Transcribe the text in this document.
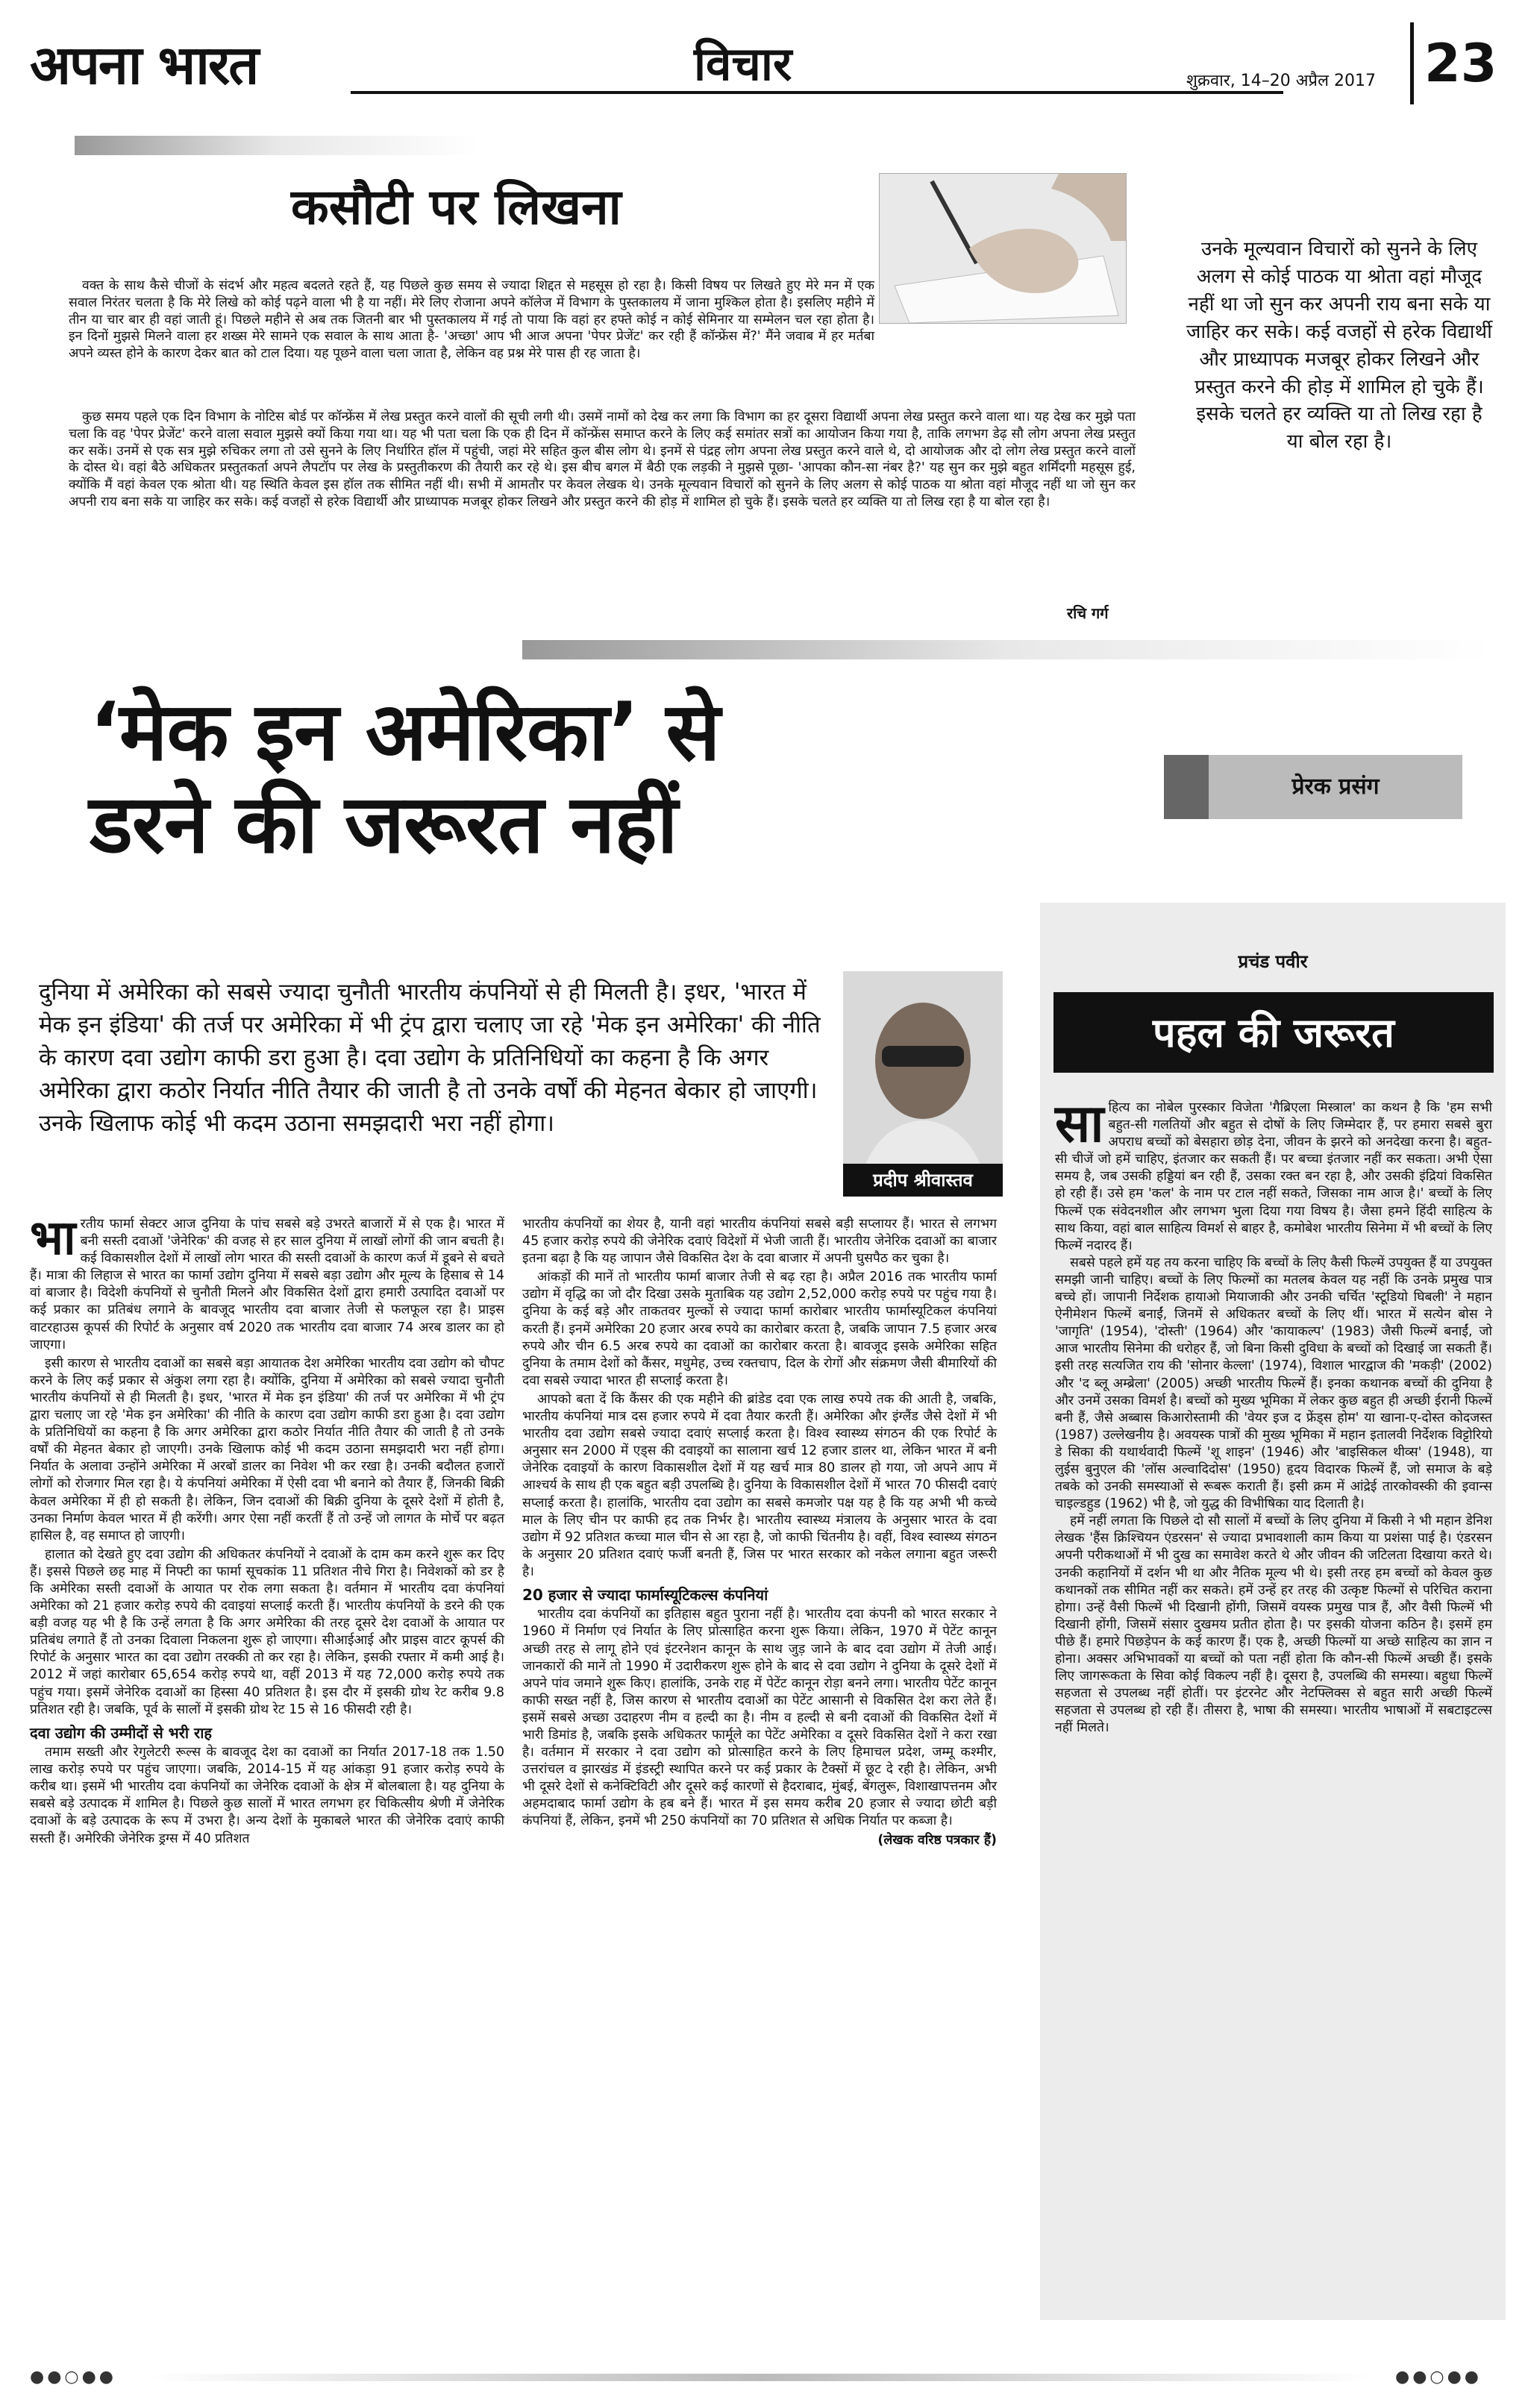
अपना भारत	विचार	शुक्रवार, 14–20 अप्रैल 2017 23
कसौटी पर लिखना

वक्त के साथ कैसे चीजों के संदर्भ और महत्व बदलते रहते हैं, यह पिछले कुछ समय से ज्यादा शिद्दत से महसूस हो रहा है। किसी विषय पर लिखते हुए मेरे मन में एक सवाल निरंतर चलता है कि मेरे लिखे को कोई पढ़ने वाला भी है या नहीं। मेरे लिए रोजाना अपने कॉलेज में विभाग के पुस्तकालय में जाना मुश्किल होता है। इसलिए महीने में तीन या चार बार ही वहां जाती हूं। पिछले महीने से अब तक जितनी बार भी पुस्तकालय में गई तो पाया कि वहां हर हफ्ते कोई न कोई सेमिनार या सम्मेलन चल रहा होता है। इन दिनों मुझसे मिलने वाला हर शख्स मेरे सामने एक सवाल के साथ आता है- 'अच्छा' आप भी आज अपना 'पेपर प्रेजेंट' कर रही हैं कॉन्फ्रेंस में?' मैंने जवाब में हर मर्तबा अपने व्यस्त होने के कारण देकर बात को टाल दिया। यह पूछने वाला चला जाता है, लेकिन वह प्रश्न मेरे पास ही रह जाता है।

कुछ समय पहले एक दिन विभाग के नोटिस बोर्ड पर कॉन्फ्रेंस में लेख प्रस्तुत करने वालों की सूची लगी थी। उसमें नामों को देख कर लगा कि विभाग का हर दूसरा विद्यार्थी अपना लेख प्रस्तुत करने वाला था। यह देख कर मुझे पता चला कि वह 'पेपर प्रेजेंट' करने वाला सवाल मुझसे क्यों किया गया था। यह भी पता चला कि एक ही दिन में कॉन्फ्रेंस समाप्त करने के लिए कई समांतर सत्रों का आयोजन किया गया है, ताकि लगभग डेढ़ सौ लोग अपना लेख प्रस्तुत कर सकें। उनमें से एक सत्र मुझे रुचिकर लगा तो उसे सुनने के लिए निर्धारित हॉल में पहुंची, जहां मेरे सहित कुल बीस लोग थे। इनमें से पंद्रह लोग अपना लेख प्रस्तुत करने वाले थे, दो आयोजक और दो लोग लेख प्रस्तुत करने वालों के दोस्त थे। वहां बैठे अधिकतर प्रस्तुतकर्ता अपने लैपटॉप पर लेख के प्रस्तुतीकरण की तैयारी कर रहे थे। इस बीच बगल में बैठी एक लड़की ने मुझसे पूछा- 'आपका कौन-सा नंबर है?' यह सुन कर मुझे बहुत शर्मिंदगी महसूस हुई, क्योंकि मैं वहां केवल एक श्रोता थी। यह स्थिति केवल इस हॉल तक सीमित नहीं थी। सभी में आमतौर पर केवल लेखक थे। उनके मूल्यवान विचारों को सुनने के लिए अलग से कोई पाठक या श्रोता वहां मौजूद नहीं था जो सुन कर अपनी राय बना सके या जाहिर कर सके। कई वजहों से हरेक विद्यार्थी और प्राध्यापक मजबूर होकर लिखने और प्रस्तुत करने की होड़ में शामिल हो चुके हैं। इसके चलते हर व्यक्ति या तो लिख रहा है या बोल रहा है।

रचि गर्ग
उनके मूल्यवान विचारों को सुनने के लिए अलग से कोई पाठक या श्रोता वहां मौजूद नहीं था जो सुन कर अपनी राय बना सके या जाहिर कर सके। कई वजहों से हरेक विद्यार्थी और प्राध्यापक मजबूर होकर लिखने और प्रस्तुत करने की होड़ में शामिल हो चुके हैं। इसके चलते हर व्यक्ति या तो लिख रहा है या बोल रहा है।
‘मेक इन अमेरिका’ से
डरने की जरूरत नहीं	प्रेरक प्रसंग
दुनिया में अमेरिका को सबसे ज्यादा चुनौती भारतीय कंपनियों से ही मिलती है। इधर, 'भारत में मेक इन इंडिया' की तर्ज पर अमेरिका में भी ट्रंप द्वारा चलाए जा रहे 'मेक इन अमेरिका' की नीति के कारण दवा उद्योग काफी डरा हुआ है। दवा उद्योग के प्रतिनिधियों का कहना है कि अगर अमेरिका द्वारा कठोर निर्यात नीति तैयार की जाती है तो उनके वर्षों की मेहनत बेकार हो जाएगी। उनके खिलाफ कोई भी कदम उठाना समझदारी भरा नहीं होगा।
प्रदीप श्रीवास्तव

भारतीय फार्मा सेक्टर आज दुनिया के पांच सबसे बड़े उभरते बाजारों में से एक है। भारत में बनी सस्ती दवाओं 'जेनेरिक' की वजह से हर साल दुनिया में लाखों लोगों की जान बचती है। कई विकासशील देशों में लाखों लोग भारत की सस्ती दवाओं के कारण कर्ज में डूबने से बचते हैं। मात्रा की लिहाज से भारत का फार्मा उद्योग दुनिया में सबसे बड़ा उद्योग और मूल्य के हिसाब से 14 वां बाजार है। विदेशी कंपनियों से चुनौती मिलने और विकसित देशों द्वारा हमारी उत्पादित दवाओं पर कई प्रकार का प्रतिबंध लगाने के बावजूद भारतीय दवा बाजार तेजी से फलफूल रहा है। प्राइस वाटरहाउस कूपर्स की रिपोर्ट के अनुसार वर्ष 2020 तक भारतीय दवा बाजार 74 अरब डालर का हो जाएगा।

इसी कारण से भारतीय दवाओं का सबसे बड़ा आयातक देश अमेरिका भारतीय दवा उद्योग को चौपट करने के लिए कई प्रकार से अंकुश लगा रहा है। क्योंकि, दुनिया में अमेरिका को सबसे ज्यादा चुनौती भारतीय कंपनियों से ही मिलती है। इधर, 'भारत में मेक इन इंडिया' की तर्ज पर अमेरिका में भी ट्रंप द्वारा चलाए जा रहे 'मेक इन अमेरिका' की नीति के कारण दवा उद्योग काफी डरा हुआ है। दवा उद्योग के प्रतिनिधियों का कहना है कि अगर अमेरिका द्वारा कठोर निर्यात नीति तैयार की जाती है तो उनके वर्षों की मेहनत बेकार हो जाएगी। उनके खिलाफ कोई भी कदम उठाना समझदारी भरा नहीं होगा। निर्यात के अलावा उन्होंने अमेरिका में अरबों डालर का निवेश भी कर रखा है। उनकी बदौलत हजारों लोगों को रोजगार मिल रहा है। ये कंपनियां अमेरिका में ऐसी दवा भी बनाने को तैयार हैं, जिनकी बिक्री केवल अमेरिका में ही हो सकती है। लेकिन, जिन दवाओं की बिक्री दुनिया के दूसरे देशों में होती है, उनका निर्माण केवल भारत में ही करेंगी। अगर ऐसा नहीं करतीं हैं तो उन्हें जो लागत के मोर्चे पर बढ़त हासिल है, वह समाप्त हो जाएगी।

हालात को देखते हुए दवा उद्योग की अधिकतर कंपनियों ने दवाओं के दाम कम करने शुरू कर दिए हैं। इससे पिछले छह माह में निफ्टी का फार्मा सूचकांक 11 प्रतिशत नीचे गिरा है। निवेशकों को डर है कि अमेरिका सस्ती दवाओं के आयात पर रोक लगा सकता है। वर्तमान में भारतीय दवा कंपनियां अमेरिका को 21 हजार करोड़ रुपये की दवाइयां सप्लाई करती हैं। भारतीय कंपनियों के डरने की एक बड़ी वजह यह भी है कि उन्हें लगता है कि अगर अमेरिका की तरह दूसरे देश दवाओं के आयात पर प्रतिबंध लगाते हैं तो उनका दिवाला निकलना शुरू हो जाएगा। सीआईआई और प्राइस वाटर कूपर्स की रिपोर्ट के अनुसार भारत का दवा उद्योग तरक्की तो कर रहा है। लेकिन, इसकी रफ्तार में कमी आई है। 2012 में जहां कारोबार 65,654 करोड़ रुपये था, वहीं 2013 में यह 72,000 करोड़ रुपये तक पहुंच गया। इसमें जेनेरिक दवाओं का हिस्सा 40 प्रतिशत है। इस दौर में इसकी ग्रोथ रेट करीब 9.8 प्रतिशत रही है। जबकि, पूर्व के सालों में इसकी ग्रोथ रेट 15 से 16 फीसदी रही है।

दवा उद्योग की उम्मीदों से भरी राह

तमाम सख्ती और रेगुलेटरी रूल्स के बावजूद देश का दवाओं का निर्यात 2017-18 तक 1.50 लाख करोड़ रुपये पर पहुंच जाएगा। जबकि, 2014-15 में यह आंकड़ा 91 हजार करोड़ रुपये के करीब था। इसमें भी भारतीय दवा कंपनियों का जेनेरिक दवाओं के क्षेत्र में बोलबाला है। यह दुनिया के सबसे बड़े उत्पादक में शामिल है। पिछले कुछ सालों में भारत लगभग हर चिकित्सीय श्रेणी में जेनेरिक दवाओं के बड़े उत्पादक के रूप में उभरा है। अन्य देशों के मुकाबले भारत की जेनेरिक दवाएं काफी सस्ती हैं। अमेरिकी जेनेरिक ड्रग्स में 40 प्रतिशत

भारतीय कंपनियों का शेयर है, यानी वहां भारतीय कंपनियां सबसे बड़ी सप्लायर हैं। भारत से लगभग 45 हजार करोड़ रुपये की जेनेरिक दवाएं विदेशों में भेजी जाती हैं। भारतीय जेनेरिक दवाओं का बाजार इतना बढ़ा है कि यह जापान जैसे विकसित देश के दवा बाजार में अपनी घुसपैठ कर चुका है।

आंकड़ों की मानें तो भारतीय फार्मा बाजार तेजी से बढ़ रहा है। अप्रैल 2016 तक भारतीय फार्मा उद्योग में वृद्धि का जो दौर दिखा उसके मुताबिक यह उद्योग 2,52,000 करोड़ रुपये पर पहुंच गया है। दुनिया के कई बड़े और ताकतवर मुल्कों से ज्यादा फार्मा कारोबार भारतीय फार्मास्यूटिकल कंपनियां करती हैं। इनमें अमेरिका 20 हजार अरब रुपये का कारोबार करता है, जबकि जापान 7.5 हजार अरब रुपये और चीन 6.5 अरब रुपये का दवाओं का कारोबार करता है। बावजूद इसके अमेरिका सहित दुनिया के तमाम देशों को कैंसर, मधुमेह, उच्च रक्तचाप, दिल के रोगों और संक्रमण जैसी बीमारियों की दवा सबसे ज्यादा भारत ही सप्लाई करता है।

आपको बता दें कि कैंसर की एक महीने की ब्रांडेड दवा एक लाख रुपये तक की आती है, जबकि, भारतीय कंपनियां मात्र दस हजार रुपये में दवा तैयार करती हैं। अमेरिका और इंग्लैंड जैसे देशों में भी भारतीय दवा उद्योग सबसे ज्यादा दवाएं सप्लाई करता है। विश्व स्वास्थ्य संगठन की एक रिपोर्ट के अनुसार सन 2000 में एड्स की दवाइयों का सालाना खर्च 12 हजार डालर था, लेकिन भारत में बनी जेनेरिक दवाइयों के कारण विकासशील देशों में यह खर्च मात्र 80 डालर हो गया, जो अपने आप में आश्चर्य के साथ ही एक बहुत बड़ी उपलब्धि है। दुनिया के विकासशील देशों में भारत 70 फीसदी दवाएं सप्लाई करता है। हालांकि, भारतीय दवा उद्योग का सबसे कमजोर पक्ष यह है कि यह अभी भी कच्चे माल के लिए चीन पर काफी हद तक निर्भर है। भारतीय स्वास्थ्य मंत्रालय के अनुसार भारत के दवा उद्योग में 92 प्रतिशत कच्चा माल चीन से आ रहा है, जो काफी चिंतनीय है। वहीं, विश्व स्वास्थ्य संगठन के अनुसार 20 प्रतिशत दवाएं फर्जी बनती हैं, जिस पर भारत सरकार को नकेल लगाना बहुत जरूरी है।

20 हजार से ज्यादा फार्मास्यूटिकल्स कंपनियां

भारतीय दवा कंपनियों का इतिहास बहुत पुराना नहीं है। भारतीय दवा कंपनी को भारत सरकार ने 1960 में निर्माण एवं निर्यात के लिए प्रोत्साहित करना शुरू किया। लेकिन, 1970 में पेटेंट कानून अच्छी तरह से लागू होने एवं इंटरनेशन कानून के साथ जुड़ जाने के बाद दवा उद्योग में तेजी आई। जानकारों की मानें तो 1990 में उदारीकरण शुरू होने के बाद से दवा उद्योग ने दुनिया के दूसरे देशों में अपने पांव जमाने शुरू किए। हालांकि, उनके राह में पेटेंट कानून रोड़ा बनने लगा। भारतीय पेटेंट कानून काफी सख्त नहीं है, जिस कारण से भारतीय दवाओं का पेटेंट आसानी से विकसित देश करा लेते हैं। इसमें सबसे अच्छा उदाहरण नीम व हल्दी का है। नीम व हल्दी से बनी दवाओं की विकसित देशों में भारी डिमांड है, जबकि इसके अधिकतर फार्मूले का पेटेंट अमेरिका व दूसरे विकसित देशों ने करा रखा है। वर्तमान में सरकार ने दवा उद्योग को प्रोत्साहित करने के लिए हिमाचल प्रदेश, जम्मू कश्मीर, उत्तरांचल व झारखंड में इंडस्ट्री स्थापित करने पर कई प्रकार के टैक्सों में छूट दे रही है। लेकिन, अभी भी दूसरे देशों से कनेक्टिविटी और दूसरे कई कारणों से हैदराबाद, मुंबई, बेंगलुरू, विशाखापत्तनम और अहमदाबाद फार्मा उद्योग के हब बने हैं। भारत में इस समय करीब 20 हजार से ज्यादा छोटी बड़ी कंपनियां हैं, लेकिन, इनमें भी 250 कंपनियों का 70 प्रतिशत से अधिक निर्यात पर कब्जा है।

(लेखक वरिष्ठ पत्रकार हैं)

प्रचंड पवीर
पहल की जरूरत

साहित्य का नोबेल पुरस्कार विजेता 'गैब्रिएला मिस्त्राल' का कथन है कि 'हम सभी बहुत-सी गलतियों और बहुत से दोषों के लिए जिम्मेदार हैं, पर हमारा सबसे बुरा अपराध बच्चों को बेसहारा छोड़ देना, जीवन के झरने को अनदेखा करना है। बहुत-सी चीजें जो हमें चाहिए, इंतजार कर सकती हैं। पर बच्चा इंतजार नहीं कर सकता। अभी ऐसा समय है, जब उसकी हड्डियां बन रही हैं, उसका रक्त बन रहा है, और उसकी इंद्रियां विकसित हो रही हैं। उसे हम 'कल' के नाम पर टाल नहीं सकते, जिसका नाम आज है।' बच्चों के लिए फिल्में एक संवेदनशील और लगभग भुला दिया गया विषय है। जैसा हमने हिंदी साहित्य के साथ किया, वहां बाल साहित्य विमर्श से बाहर है, कमोबेश भारतीय सिनेमा में भी बच्चों के लिए फिल्में नदारद हैं।

सबसे पहले हमें यह तय करना चाहिए कि बच्चों के लिए कैसी फिल्में उपयुक्त हैं या उपयुक्त समझी जानी चाहिए। बच्चों के लिए फिल्मों का मतलब केवल यह नहीं कि उनके प्रमुख पात्र बच्चे हों। जापानी निर्देशक हायाओ मियाजाकी और उनकी चर्चित 'स्टूडियो घिबली' ने महान ऐनीमेशन फिल्में बनाईं, जिनमें से अधिकतर बच्चों के लिए थीं। भारत में सत्येन बोस ने 'जागृति' (1954), 'दोस्ती' (1964) और 'कायाकल्प' (1983) जैसी फिल्में बनाईं, जो आज भारतीय सिनेमा की धरोहर हैं, जो बिना किसी दुविधा के बच्चों को दिखाई जा सकती हैं। इसी तरह सत्यजित राय की 'सोनार केल्ला' (1974), विशाल भारद्वाज की 'मकड़ी' (2002) और 'द ब्लू अम्ब्रेला' (2005) अच्छी भारतीय फिल्में हैं। इनका कथानक बच्चों की दुनिया है और उनमें उसका विमर्श है। बच्चों को मुख्य भूमिका में लेकर कुछ बहुत ही अच्छी ईरानी फिल्में बनी हैं, जैसे अब्बास किआरोस्तामी की 'वेयर इज द फ्रेंड्स होम' या खाना-ए-दोस्त कोदजस्त (1987) उल्लेखनीय है। अवयस्क पात्रों की मुख्य भूमिका में महान इतालवी निर्देशक विट्टोरियो डे सिका की यथार्थवादी फिल्में 'शू शाइन' (1946) और 'बाइसिकल थीव्स' (1948), या लुईस बुनुएल की 'लॉस अल्वादिदोस' (1950) हृदय विदारक फिल्में हैं, जो समाज के बड़े तबके को उनकी समस्याओं से रूबरू कराती हैं। इसी क्रम में आंद्रेई तारकोवस्की की इवान्स चाइल्डहुड (1962) भी है, जो युद्ध की विभीषिका याद दिलाती है।

हमें नहीं लगता कि पिछले दो सौ सालों में बच्चों के लिए दुनिया में किसी ने भी महान डेनिश लेखक 'हैंस क्रिश्चियन एंडरसन' से ज्यादा प्रभावशाली काम किया या प्रशंसा पाई है। एंडरसन अपनी परीकथाओं में भी दुख का समावेश करते थे और जीवन की जटिलता दिखाया करते थे। उनकी कहानियों में दर्शन भी था और नैतिक मूल्य भी थे। इसी तरह हम बच्चों को केवल कुछ कथानकों तक सीमित नहीं कर सकते। हमें उन्हें हर तरह की उत्कृष्ट फिल्मों से परिचित कराना होगा। उन्हें वैसी फिल्में भी दिखानी होंगी, जिसमें वयस्क प्रमुख पात्र हैं, और वैसी फिल्में भी दिखानी होंगी, जिसमें संसार दुखमय प्रतीत होता है। पर इसकी योजना कठिन है। इसमें हम पीछे हैं। हमारे पिछड़ेपन के कई कारण हैं। एक है, अच्छी फिल्मों या अच्छे साहित्य का ज्ञान न होना। अक्सर अभिभावकों या बच्चों को पता नहीं होता कि कौन-सी फिल्में अच्छी हैं। इसके लिए जागरूकता के सिवा कोई विकल्प नहीं है। दूसरा है, उपलब्धि की समस्या। बहुधा फिल्में सहजता से उपलब्ध नहीं होतीं। पर इंटरनेट और नेटफ्लिक्स से बहुत सारी अच्छी फिल्में सहजता से उपलब्ध हो रही हैं। तीसरा है, भाषा की समस्या। भारतीय भाषाओं में सबटाइटल्स नहीं मिलते।

●●○●●	●●○●●
